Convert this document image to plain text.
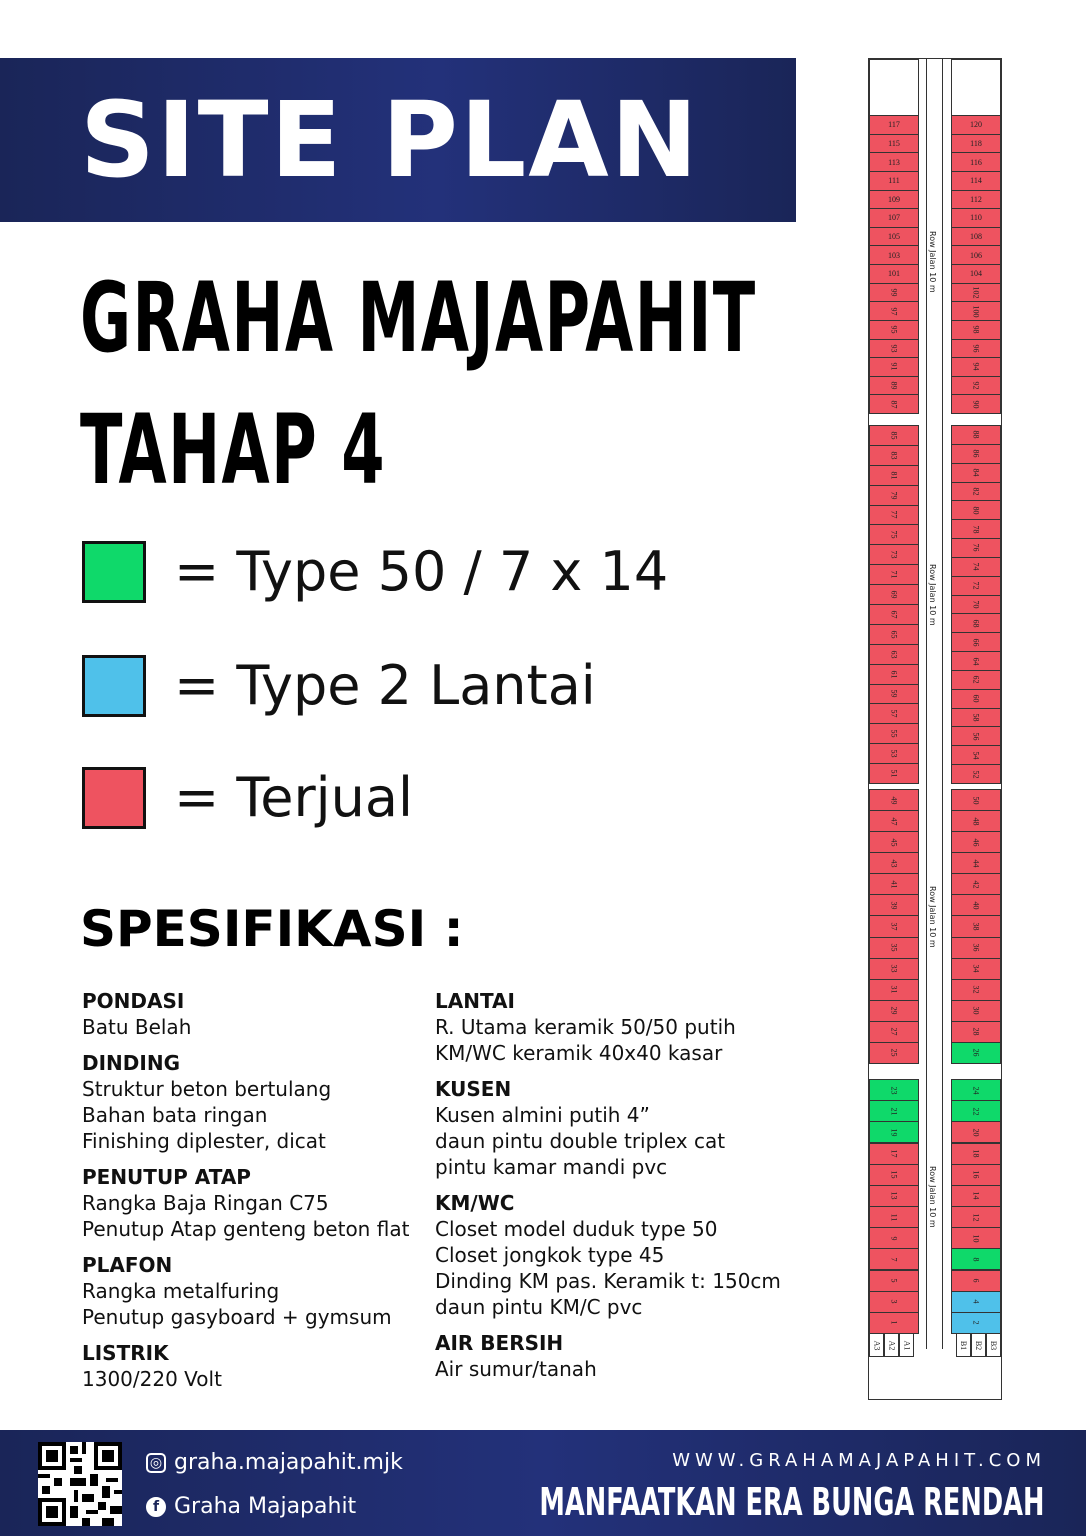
SITE PLAN
GRAHA MAJAPAHIT
TAHAP 4
= Type 50 / 7 x 14
= Type 2 Lantai
= Terjual
SPESIFIKASI :
PONDASI
Batu Belah
DINDING
Struktur beton bertulang
Bahan bata ringan
Finishing diplester, dicat
PENUTUP ATAP
Rangka Baja Ringan C75
Penutup Atap genteng beton flat
PLAFON
Rangka metalfuring
Penutup gasyboard + gymsum
LISTRIK
1300/220 Volt
LANTAI
R. Utama keramik 50/50 putih
KM/WC keramik 40x40 kasar
KUSEN
Kusen almini putih 4”
daun pintu double triplex cat
pintu kamar mandi pvc
KM/WC
Closet model duduk type 50
Closet jongkok type 45
Dinding KM pas. Keramik t: 150cm
daun pintu KM/C pvc
AIR BERSIH
Air sumur/tanah
117
115
113
111
109
107
105
103
101
99
97
95
93
91
89
87
120
118
116
114
112
110
108
106
104
102
100
98
96
94
92
90
Row Jalan 10 m
85
83
81
79
77
75
73
71
69
67
65
63
61
59
57
55
53
51
88
86
84
82
80
78
76
74
72
70
68
66
64
62
60
58
56
54
52
Row Jalan 10 m
49
47
45
43
41
39
37
35
33
31
29
27
25
50
48
46
44
42
40
38
36
34
32
30
28
26
Row Jalan 10 m
23
21
19
17
15
13
11
9
7
5
3
1
24
22
20
18
16
14
12
10
8
6
4
2
Row Jalan 10 m
A3 A2 A1	B1 B2 B3
◎ graha.majapahit.mjk
f Graha Majapahit
WWW.GRAHAMAJAPAHIT.COM
MANFAATKAN ERA BUNGA RENDAH
